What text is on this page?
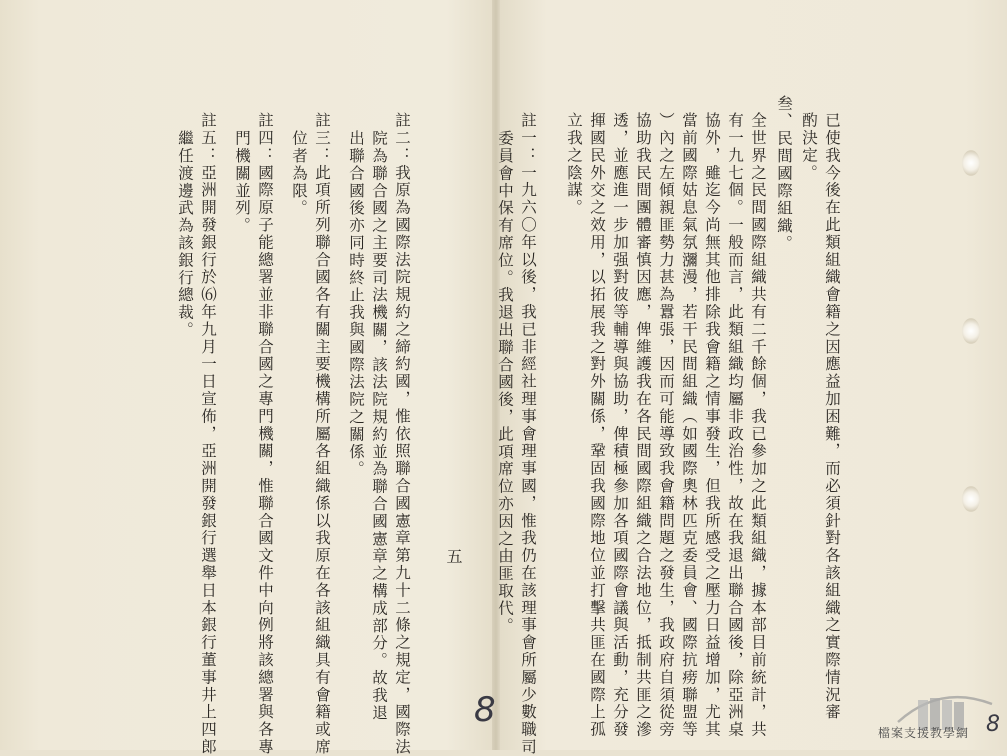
已使我今後在此類組織會籍之因應益加困難，而必須針對各該組織之實際情況審
酌決定。
叁、民間國際組織。
全世界之民間國際組織共有二千餘個，我已參加之此類組織，據本部目前統計，共
有一九七個。一般而言，此類組織均屬非政治性，故在我退出聯合國後，除亞洲桌
協外，雖迄今尚無其他排除我會籍之情事發生，但我所感受之壓力日益增加，尤其
當前國際姑息氣氛瀰漫，若干民間組織（如國際奧林匹克委員會、國際抗痨聯盟等
）內之左傾親匪勢力甚為囂張，因而可能導致我會籍問題之發生，我政府自須從旁
協助我民間團體審慎因應，俾維護我在各民間國際組織之合法地位，抵制共匪之滲
透，並應進一步加强對彼等輔導與協助，俾積極參加各項國際會議與活動，充分發
揮國民外交之效用，以拓展我之對外關係，鞏固我國際地位並打擊共匪在國際上孤
立我之陰謀。
註一：一九六〇年以後，我已非經社理事會理事國，惟我仍在該理事會所屬少數職司
委員會中保有席位。我退出聯合國後，此項席位亦因之由匪取代。
五
註二：我原為國際法院規約之締約國，惟依照聯合國憲章第九十二條之規定，國際法
院為聯合國之主要司法機關，該法院規約並為聯合國憲章之構成部分。故我退
出聯合國後亦同時終止我與國際法院之關係。
註三：此項所列聯合國各有關主要機構所屬各組織係以我原在各該組織具有會籍或席
位者為限。
註四：國際原子能總署並非聯合國之專門機關，惟聯合國文件中向例將該總署與各專
門機關並列。
註五：亞洲開發銀行於⑹年九月一日宣佈，亞洲開發銀行選舉日本銀行董事井上四郎
繼任渡邊武為該銀行總裁。
8	8
檔案支援教學網
